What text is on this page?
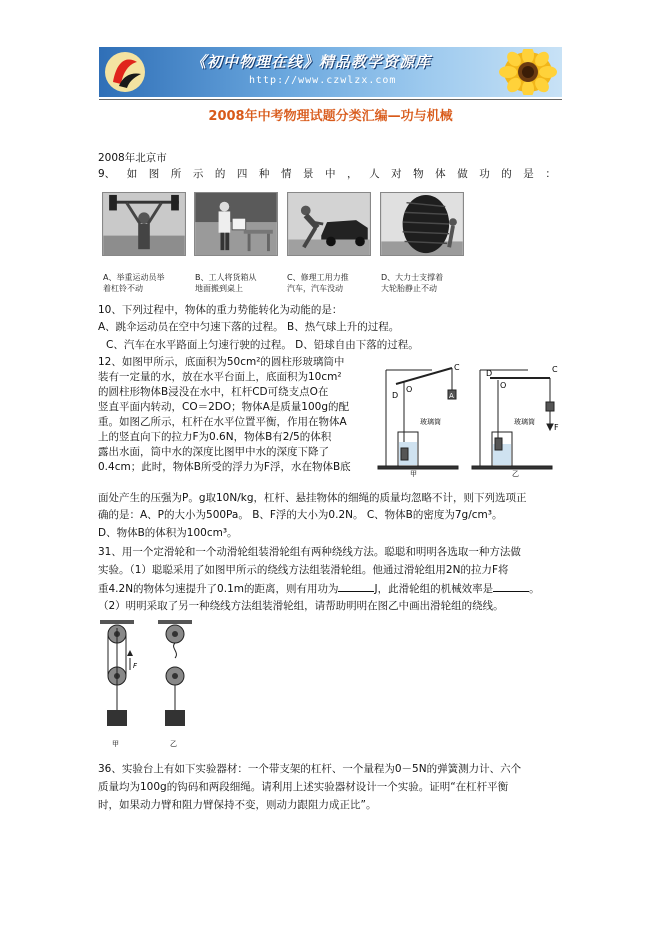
《初中物理在线》精品教学资源库
http://www.czwlzx.com
2008年中考物理试题分类汇编—功与机械
2008年北京市
9、 如 图 所 示 的 四 种 情 景 中 ， 人 对 物 体 做 功 的 是 ：
A、举重运动员举
着杠铃不动
B、工人将货箱从
地面搬到桌上
C、修理工用力推
汽车，汽车没动
D、大力士支撑着
大轮胎静止不动
10、下列过程中，物体的重力势能转化为动能的是：
A、跳伞运动员在空中匀速下落的过程。 B、热气球上升的过程。
C、汽车在水平路面上匀速行驶的过程。 D、铅球自由下落的过程。
12、如图甲所示，底面积为50cm²的圆柱形玻璃筒中
装有一定量的水，放在水平台面上，底面积为10cm²
的圆柱形物体B浸没在水中，杠杆CD可绕支点O在
竖直平面内转动，CO＝2DO；物体A是质量100g的配
重。如图乙所示，杠杆在水平位置平衡，作用在物体A
上的竖直向下的拉力F为0.6N，物体B有2/5的体积
露出水面，筒中水的深度比图甲中水的深度下降了
0.4cm；此时，物体B所受的浮力为F浮，水在物体B底
D
O
C
A
玻璃筒
甲
D
O
C
F
玻璃筒
乙
面处产生的压强为P。g取10N/kg，杠杆、悬挂物体的细绳的质量均忽略不计，则下列选项正
确的是：A、P的大小为500Pa。 B、F浮的大小为0.2N。 C、物体B的密度为7g/cm³。
D、物体B的体积为100cm³。
31、用一个定滑轮和一个动滑轮组装滑轮组有两种绕线方法。聪聪和明明各选取一种方法做
实验。（1）聪聪采用了如图甲所示的绕线方法组装滑轮组。他通过滑轮组用2N的拉力F将
重4.2N的物体匀速提升了0.1m的距离，则有用功为	J，此滑轮组的机械效率是	。
（2）明明采取了另一种绕线方法组装滑轮组，请帮助明明在图乙中画出滑轮组的绕线。
F
甲	乙
36、实验台上有如下实验器材：一个带支架的杠杆、一个量程为0－5N的弹簧测力计、六个
质量均为100g的钩码和两段细绳。请利用上述实验器材设计一个实验。证明“在杠杆平衡
时，如果动力臂和阻力臂保持不变，则动力跟阻力成正比”。
